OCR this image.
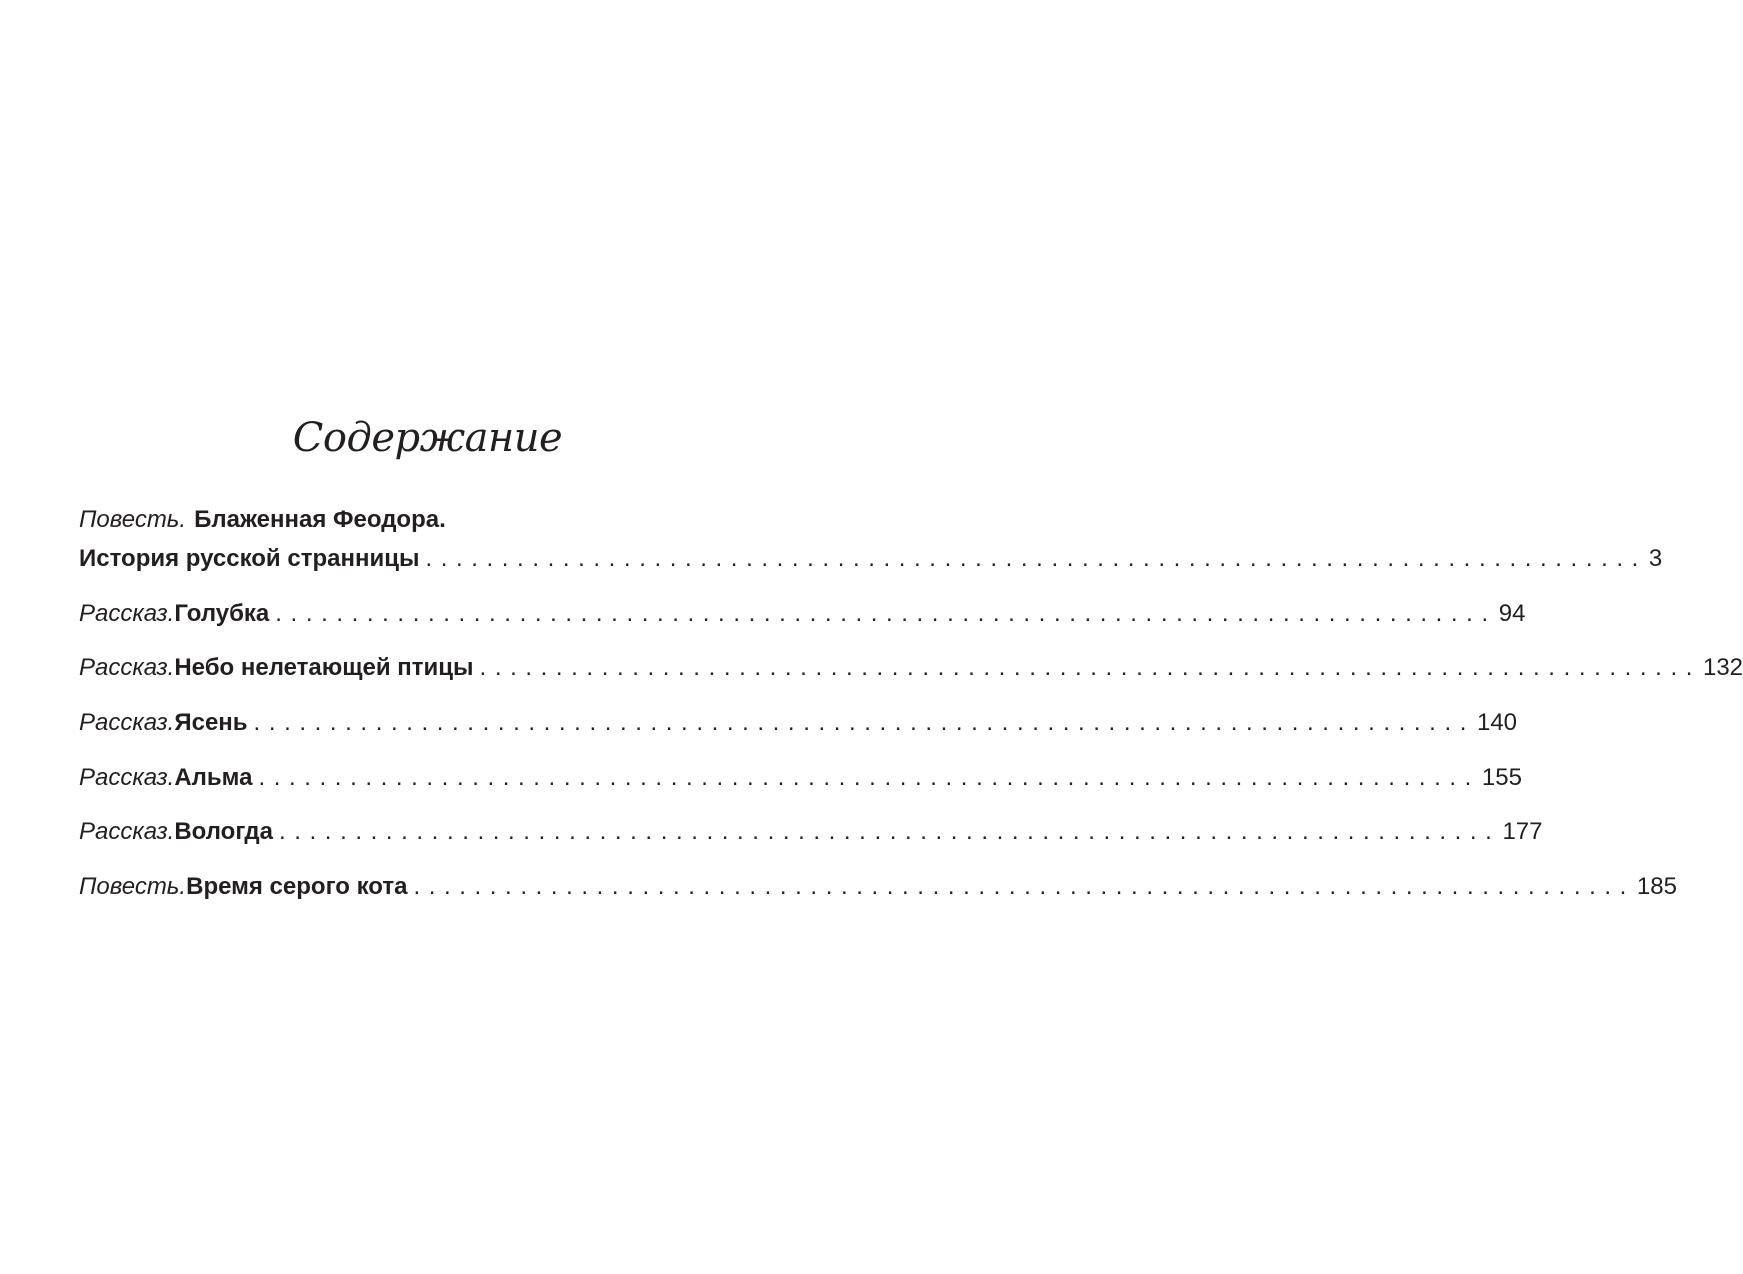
Содержание
Повесть. Блаженная Феодора.
История русской странницы ................................................................................ 3
Рассказ. Голубка ................................................................................ 94
Рассказ. Небо нелетающей птицы ................................................................................ 132
Рассказ. Ясень ................................................................................ 140
Рассказ. Альма ................................................................................ 155
Рассказ. Вологда ................................................................................ 177
Повесть. Время серого кота ................................................................................ 185
